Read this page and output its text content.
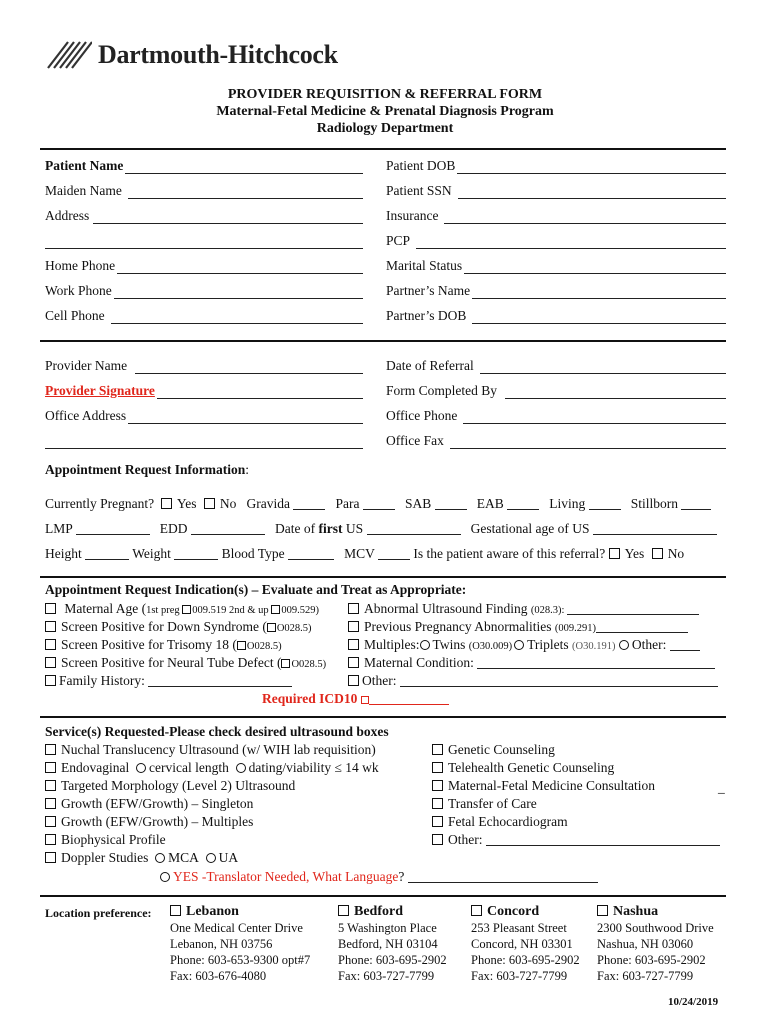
Dartmouth-Hitchcock
PROVIDER REQUISITION & REFERRAL FORM
Maternal-Fetal Medicine & Prenatal Diagnosis Program
Radiology Department
Patient Name	Patient DOB
Maiden Name	Patient SSN
Address	Insurance
PCP
Home Phone	Marital Status
Work Phone	Partner’s Name
Cell Phone	Partner’s DOB
Provider Name	Date of Referral
Provider Signature	Form Completed By
Office Address	Office Phone
Office Fax
Appointment Request Information:
Currently Pregnant? Yes No Gravida	Para	SAB	EAB	Living	Stillborn
LMP	EDD	Date of first US	Gestational age of US
Height	Weight	Blood Type	MCV	Is the patient aware of this referral? Yes No
Appointment Request Indication(s) – Evaluate and Treat as Appropriate:
Maternal Age (1st preg 009.519 2nd & up 009.529)	Abnormal Ultrasound Finding (028.3):
Screen Positive for Down Syndrome ( O028.5)	Previous Pregnancy Abnormalities (009.291)
Screen Positive for Trisomy 18 ( O028.5)	Multiples: Twins (O30.009) Triplets (O30.191) Other:
Screen Positive for Neural Tube Defect ( O028.5)	Maternal Condition:
Family History:	Other:
Required ICD10
Service(s) Requested-Please check desired ultrasound boxes
Nuchal Translucency Ultrasound (w/ WIH lab requisition)	Genetic Counseling
Endovaginal cervical length dating/viability ≤ 14 wk	Telehealth Genetic Counseling
Targeted Morphology (Level 2) Ultrasound	Maternal-Fetal Medicine Consultation	_
Growth (EFW/Growth) – Singleton	Transfer of Care
Growth (EFW/Growth) – Multiples	Fetal Echocardiogram
Biophysical Profile	Other:
Doppler Studies MCA UA
YES -Translator Needed, What Language?
Location preference:	Lebanon
One Medical Center Drive
Lebanon, NH 03756
Phone: 603-653-9300 opt#7
Fax: 603-676-4080
Bedford
5 Washington Place
Bedford, NH 03104
Phone: 603-695-2902
Fax: 603-727-7799
Concord
253 Pleasant Street
Concord, NH 03301
Phone: 603-695-2902
Fax: 603-727-7799
Nashua
2300 Southwood Drive
Nashua, NH 03060
Phone: 603-695-2902
Fax: 603-727-7799
10/24/2019
